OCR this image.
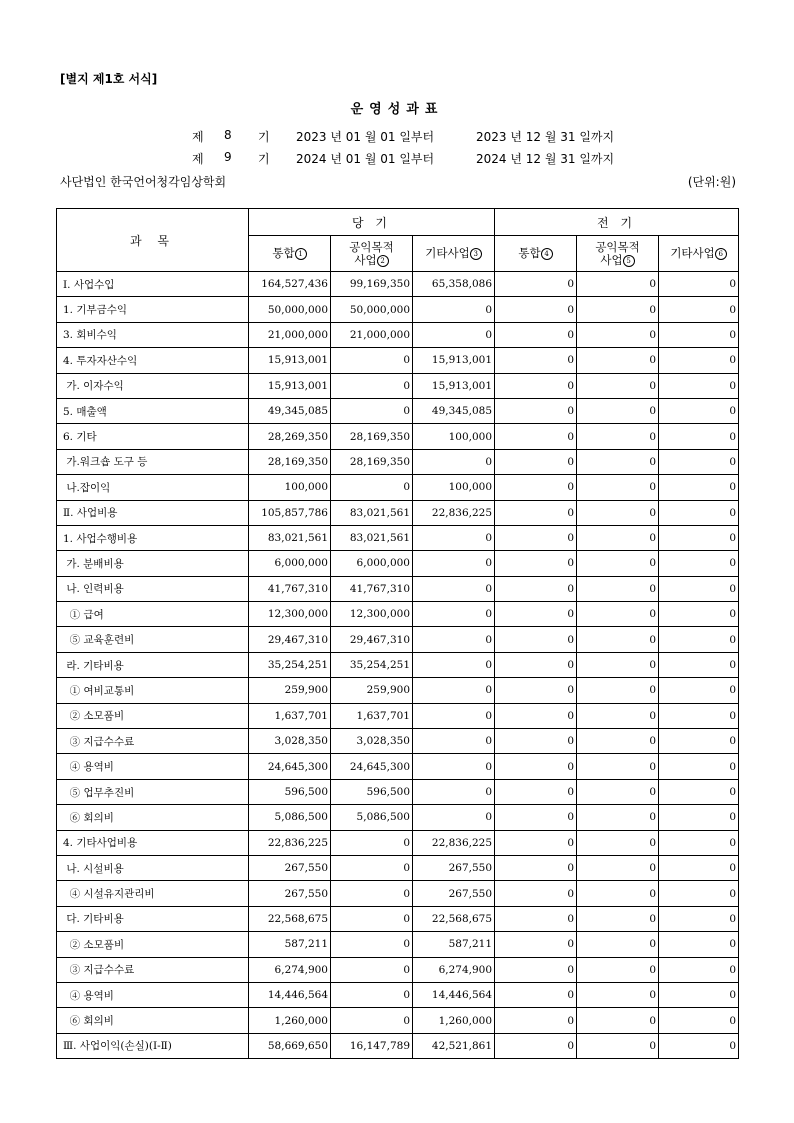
[별지 제1호 서식]
운영성과표

제

8

기

2023 년 01 월 01 일부터

	2023 년 12 월 31 일까지

제

9

기

2024 년 01 월 01 일부터

	2024 년 12 월 31 일까지

사단법인 한국언어청각임상학회	(단위:원)
과 목	당 기			전 기		
	통합 1	공익목적
사업 2	기타사업 3	통합 4	공익목적
사업 5	기타사업 6
Ⅰ. 사업수입	164,527,436	99,169,350	65,358,086	0	0	0
1. 기부금수익	50,000,000	50,000,000	0	0	0	0
3. 회비수익	21,000,000	21,000,000	0	0	0	0
4. 투자자산수익	15,913,001	0	15,913,001	0	0	0
가. 이자수익	15,913,001	0	15,913,001	0	0	0
5. 매출액	49,345,085	0	49,345,085	0	0	0
6. 기타	28,269,350	28,169,350	100,000	0	0	0
가.워크숍 도구 등	28,169,350	28,169,350	0	0	0	0
나.잡이익	100,000	0	100,000	0	0	0
Ⅱ. 사업비용	105,857,786	83,021,561	22,836,225	0	0	0
1. 사업수행비용	83,021,561	83,021,561	0	0	0	0
가. 분배비용	6,000,000	6,000,000	0	0	0	0
나. 인력비용	41,767,310	41,767,310	0	0	0	0
① 급여	12,300,000	12,300,000	0	0	0	0
⑤ 교육훈련비	29,467,310	29,467,310	0	0	0	0
라. 기타비용	35,254,251	35,254,251	0	0	0	0
① 여비교통비	259,900	259,900	0	0	0	0
② 소모품비	1,637,701	1,637,701	0	0	0	0
③ 지급수수료	3,028,350	3,028,350	0	0	0	0
④ 용역비	24,645,300	24,645,300	0	0	0	0
⑤ 업무추진비	596,500	596,500	0	0	0	0
⑥ 회의비	5,086,500	5,086,500	0	0	0	0
4. 기타사업비용	22,836,225	0	22,836,225	0	0	0
나. 시설비용	267,550	0	267,550	0	0	0
④ 시설유지관리비	267,550	0	267,550	0	0	0
다. 기타비용	22,568,675	0	22,568,675	0	0	0
② 소모품비	587,211	0	587,211	0	0	0
③ 지급수수료	6,274,900	0	6,274,900	0	0	0
④ 용역비	14,446,564	0	14,446,564	0	0	0
⑥ 회의비	1,260,000	0	1,260,000	0	0	0
Ⅲ. 사업이익(손실)(Ⅰ-Ⅱ)	58,669,650	16,147,789	42,521,861	0	0	0
